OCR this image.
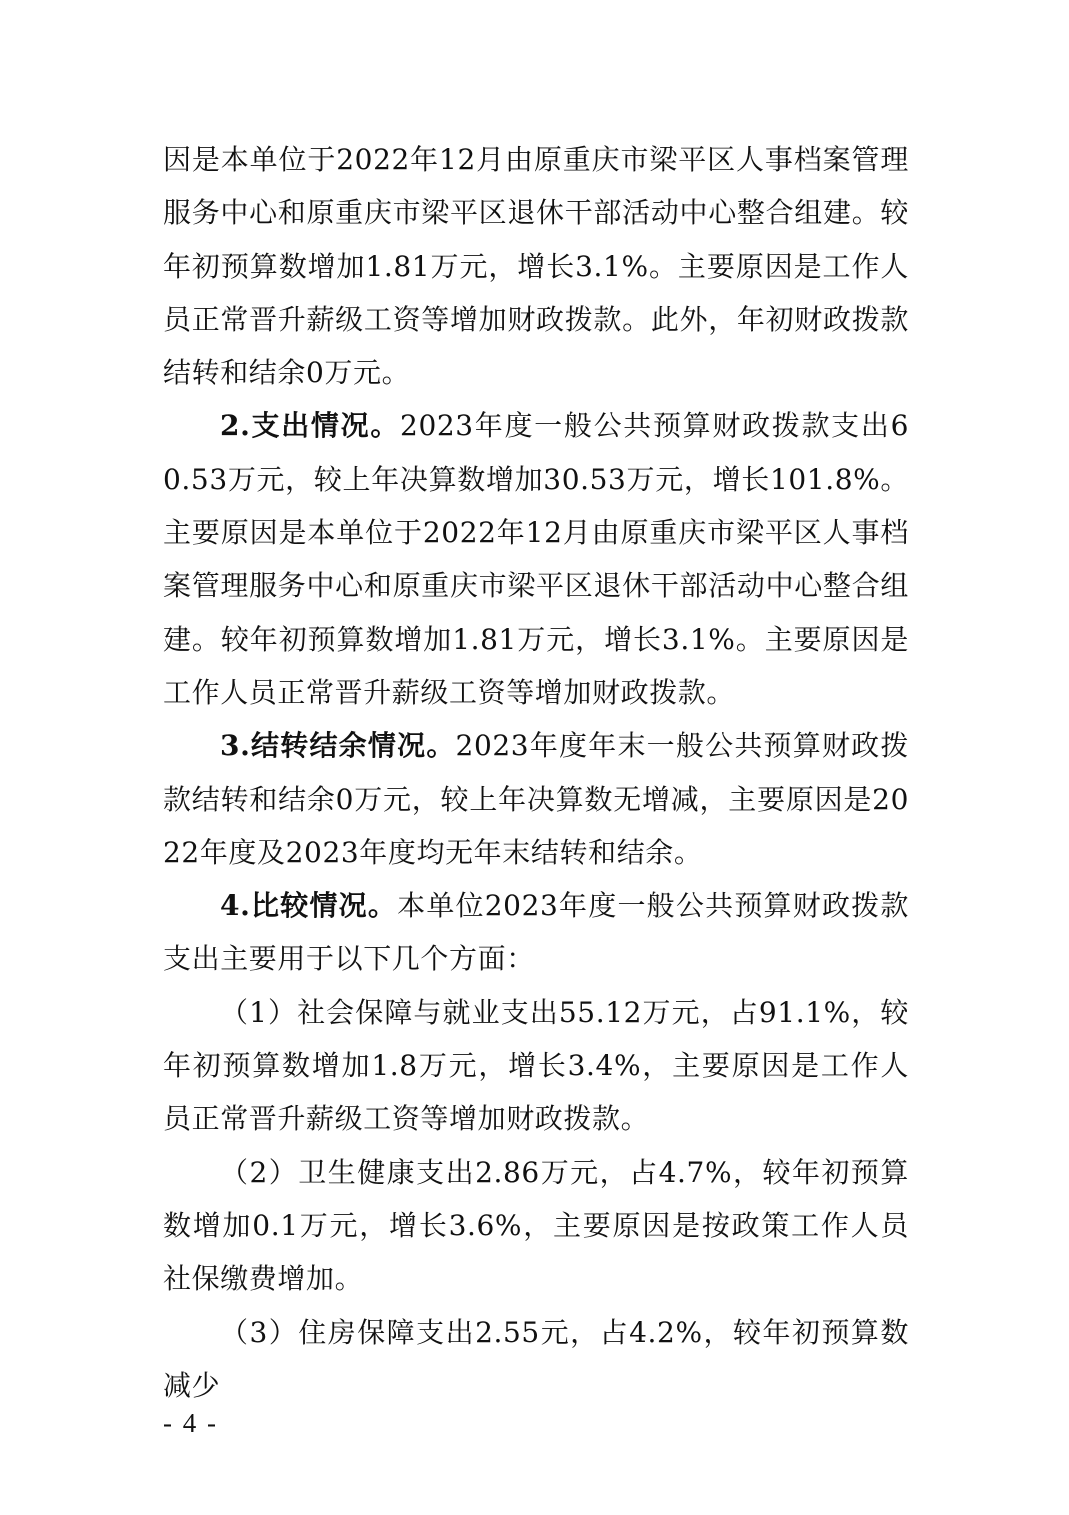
因是本单位于2022年12月由原重庆市梁平区人事档案管理服务中心和原重庆市梁平区退休干部活动中心整合组建。较年初预算数增加1.81万元，增长3.1%。主要原因是工作人员正常晋升薪级工资等增加财政拨款。此外，年初财政拨款结转和结余0万元。

2.支出情况。2023年度一般公共预算财政拨款支出60.53万元，较上年决算数增加30.53万元，增长101.8%。主要原因是本单位于2022年12月由原重庆市梁平区人事档案管理服务中心和原重庆市梁平区退休干部活动中心整合组建。较年初预算数增加1.81万元，增长3.1%。主要原因是工作人员正常晋升薪级工资等增加财政拨款。

3.结转结余情况。2023年度年末一般公共预算财政拨款结转和结余0万元，较上年决算数无增减，主要原因是2022年度及2023年度均无年末结转和结余。

4.比较情况。本单位2023年度一般公共预算财政拨款支出主要用于以下几个方面：

（1）社会保障与就业支出55.12万元，占91.1%，较年初预算数增加1.8万元，增长3.4%，主要原因是工作人员正常晋升薪级工资等增加财政拨款。

（2）卫生健康支出2.86万元，占4.7%，较年初预算数增加0.1万元，增长3.6%，主要原因是按政策工作人员社保缴费增加。

（3）住房保障支出2.55元，占4.2%，较年初预算数减少

- 4 -
